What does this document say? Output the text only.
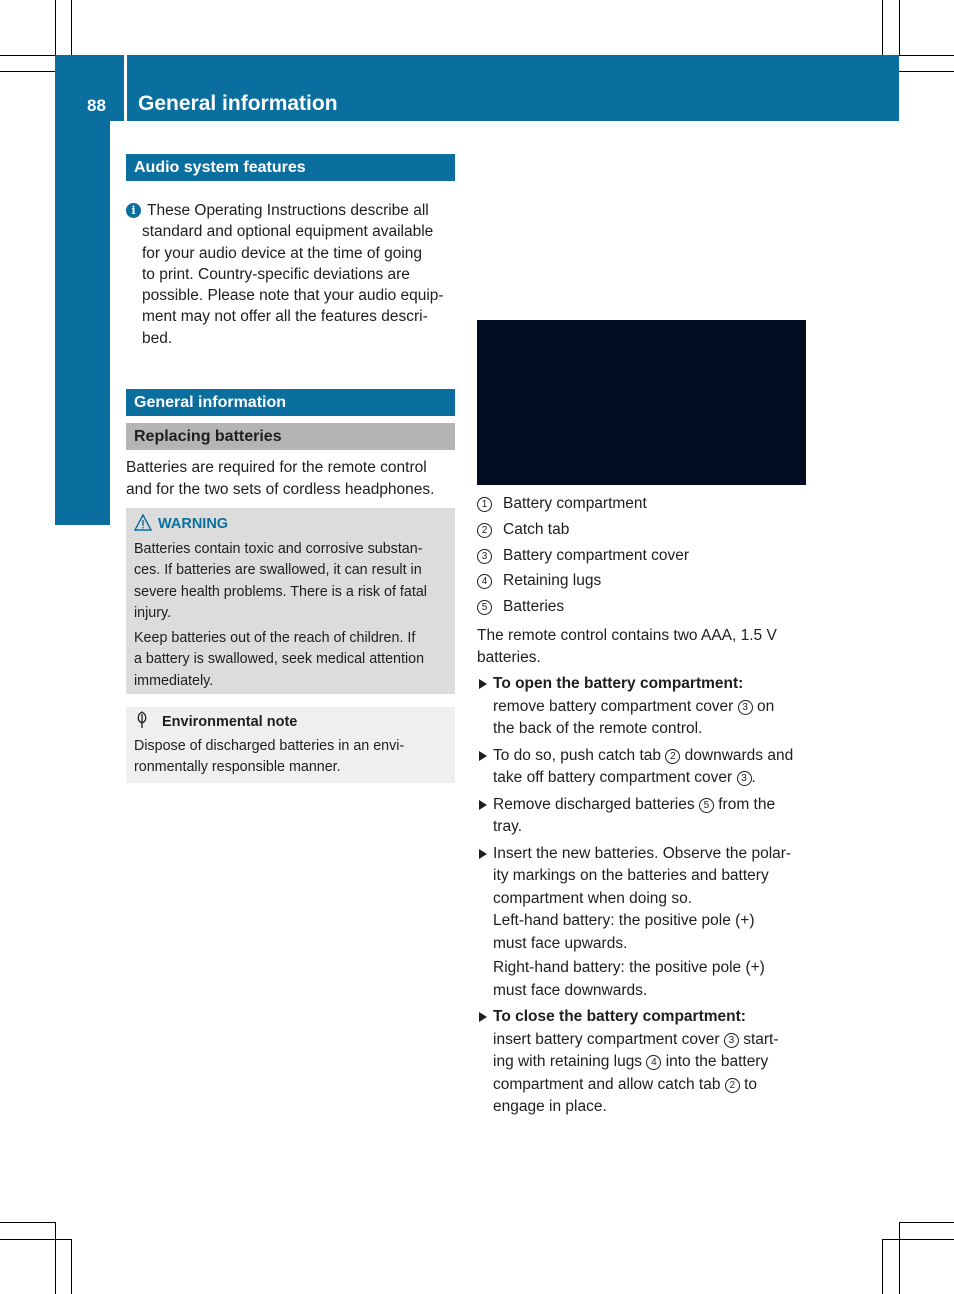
88 General information
Rear Seat Entertainment
Audio system features
i These Operating Instructions describe all
standard and optional equipment available
for your audio device at the time of going
to print. Country-specific deviations are
possible. Please note that your audio equip-
ment may not offer all the features descri-
bed.
General information
Replacing batteries
Batteries are required for the remote control
and for the two sets of cordless headphones.
WARNING
Batteries contain toxic and corrosive substan-
ces. If batteries are swallowed, it can result in
severe health problems. There is a risk of fatal
injury.
Keep batteries out of the reach of children. If
a battery is swallowed, seek medical attention
immediately.
Environmental note
Dispose of discharged batteries in an envi-
ronmentally responsible manner.
1 Battery compartment
2 Catch tab
3 Battery compartment cover
4 Retaining lugs
5 Batteries
The remote control contains two AAA, 1.5 V
batteries.
To open the battery compartment:
remove battery compartment cover 3 on
the back of the remote control.
To do so, push catch tab 2 downwards and
take off battery compartment cover 3 .
Remove discharged batteries 5 from the
tray.
Insert the new batteries. Observe the polar-
ity markings on the batteries and battery
compartment when doing so.
Left-hand battery: the positive pole (+)
must face upwards.
Right-hand battery: the positive pole (+)
must face downwards.
To close the battery compartment:
insert battery compartment cover 3 start-
ing with retaining lugs 4 into the battery
compartment and allow catch tab 2 to
engage in place.
